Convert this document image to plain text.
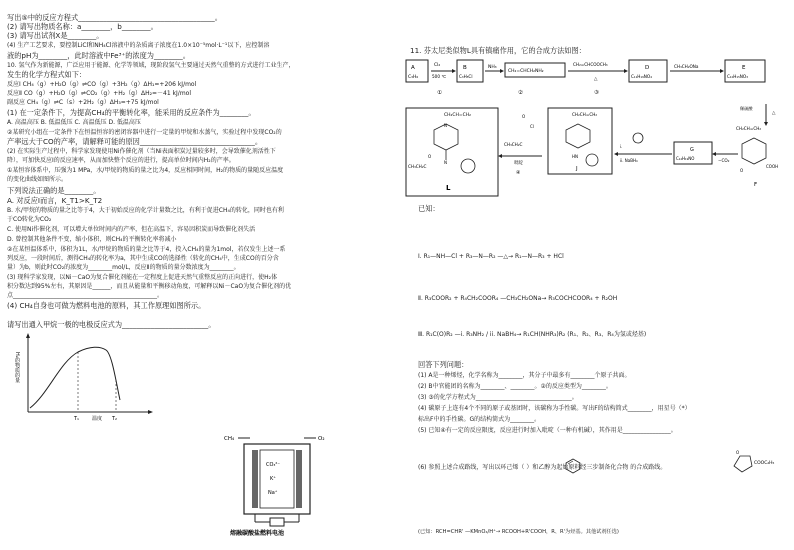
写出⑤中的反应方程式______________________________________。
(2) 请写出物质名称：a________，b________。
(3) 请写出试剂X是________。
(4) 生产工艺要求，要控制LiCl和NH₄Cl溶液中的杂质离子浓度在1.0×10⁻⁵mol·L⁻¹以下，应控制溶
液的pH为________，此时溶液中Fe³⁺的浓度为________。
10. 氢气作为新能源，广泛应用于能源、化学等领域，现阶段氢气主要通过天然气重整的方式进行工业生产，
发生的化学方程式如下：
反应Ⅰ CH₄（g）+H₂O（g）⇌CO（g）+3H₂（g）ΔH₁=+206 kJ/mol
反应Ⅱ CO（g）+H₂O（g）⇌CO₂（g）+H₂（g）ΔH₂=－41 kJ/mol
副反应 CH₄（g）⇌C（s）+2H₂（g）ΔH₃=+75 kJ/mol
(1) 在一定条件下，为提高CH₄的平衡转化率，能采用的反应条件为________。
A. 高温高压 B. 低温低压 C. 高温低压 D. 低温高压
②某研究小组在一定条件下在恒温恒容的密闭容器中进行一定量的甲烷和水蒸气，实验过程中发现CO₂的
产率远大于CO的产率，请解释可能的原因________________________________。
(2) 在实际生产过程中，科学家发现使用Ni作催化剂（当Ni表面积炭过量较多时，会导致催化剂活性下
降），可加快反应Ⅰ的反应速率，从而加快整个反应的进行，提高单位时间内H₂的产率。
①某恒容体系中，压强为1 MPa，水/甲烷的物质的量之比为4，反应相同时间，H₂的物质的量随反应温度
的变化曲线如图所示。
下列说法正确的是________。
A. 对反应Ⅰ而言，K_T1>K_T2
B. 水/甲烷的物质的量之比等于4，大于初始反应的化学计量数之比，有利于促进CH₄的转化，同时也有利
于CO转化为CO₂
C. 使用Ni作催化剂，可以增大单位时间内的产率，但在高温下，容易因积炭而导致催化剂失活
D. 曾控制其他条件不变，缩小体积，则CH₄的平衡转化率将减小
②在某恒温体系中，体积为1L，水/甲烷的物质的量之比等于4，投入CH₄的量为1mol，若仅发生上述一系
列反应，一段时间后，测得CH₄的转化率为a，其中生成CO的选择性（转化的CH₄中，生成CO的百分含
量）为b，则此时CO₂的浓度为________mol/L，反应Ⅱ的物质的量分数浓度为________。
(3) 现科学家发现，以Ni－CaO为复合催化剂能在一定程度上促进天然气重整反应的正向进行，使H₂体
积分数达到95%左右，其原因是______，而且从能量和平衡移动角度，可解释以Ni－CaO为复合催化剂的优
点________________________________________________。
(4) CH₄自身也可做为燃料电池的原料，其工作原理如图所示。
请写出通入甲烷一极的电极反应式为________________________。
H₂的物质的量
T₁	T₂
温度
CH₄	O₂
CO₃²⁻
K⁺
Na⁺
熔融碳酸盐燃料电池
11. 芬太尼类似物L具有镇痛作用，它的合成方法如图：
A
C₃H₆
Cl₂
500 ℃
B
C₃H₅Cl
NH₃
CH₂=CHCH₂NH₂
CH₂=CHCOOCH₃
△
D
C₁₁H₁₉NO₄
CH₃CH₂ONa	E
C₁₀H₁₅NO₃
①	②	③
CH₂CH=CH₂
N
N
CH₃CH₂C
O
L
O
Cl
CH₃CH₂C
吡啶
④
CH₂CH=CH₂
HN
J
i.
ii. NaBH₄
G
C₁₄H₁₉NO	−CO₂
CH₂CH=CH₂
COOH
O
F
稀硫酸
△
已知：
Ⅰ. R₁—NH—Cl + R₃—N—R₂ —△→ R₁—N—R₃ + HCl
Ⅱ. R₃COOR₂ + R₄CH₂COOR₄ —CH₃CH₂ONa→ R₃COCHCOOR₄ + R₂OH
Ⅲ. R₁C(O)R₂ —i. R₃NH₂ / ii. NaBH₄→ R₁CH(NHR₃)R₂ (R₁、R₂、R₃、R₄为氢或烃基)
回答下列问题：
(1) A是一种烯烃，化学名称为________，其分子中最多有________个原子共面。
(2) B中官能团的名称为________、________。②的反应类型为________。
(3) ③的化学方程式为________________________________。
(4) 碳原子上连有4个不同的原子或基团时，该碳称为手性碳。写出F的结构简式________，用星号（*）
标出F中的手性碳。G的结构简式为________。
(5) 已知④有一定的反应限度，反应进行时加入吡啶（一种有机碱），其作用是________________。
(6) 参照上述合成路线，写出以环己烯（ ）和乙醇为起始原料经三步制备化合物 的合成路线。
(已知：RCH=CHR' —KMnO₄/H⁺→ RCOOH+R'COOH，R、R'为烃基。其他试剂任选)
O
COOC₂H₅
